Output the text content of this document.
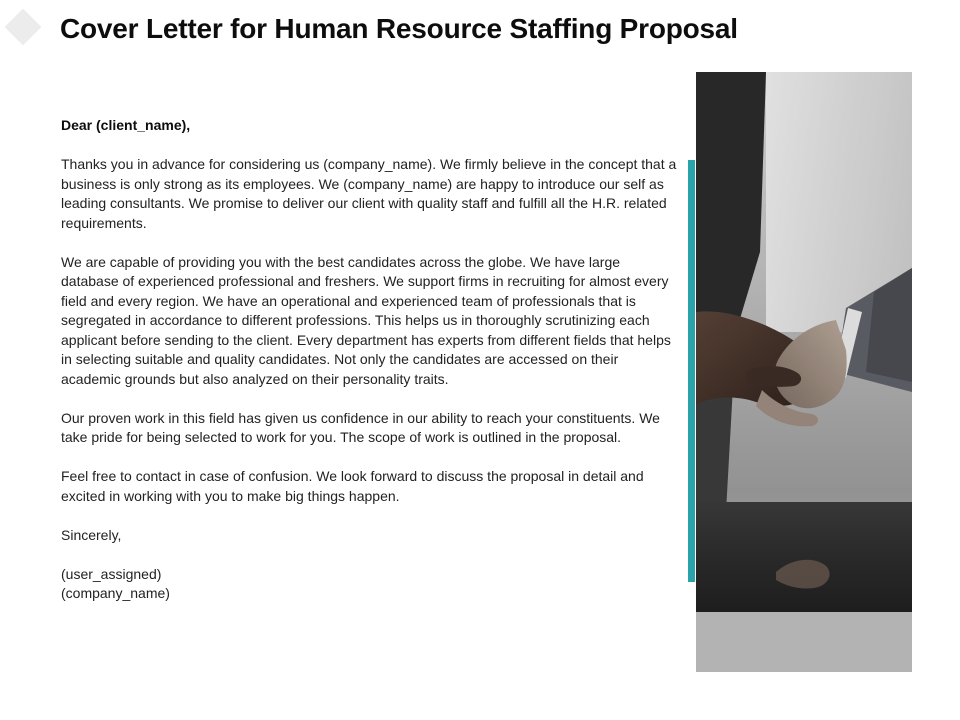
Cover Letter for Human Resource Staffing Proposal

Dear (client_name),

Thanks you in advance for considering us (company_name). We firmly believe in the concept that a business is only strong as its employees. We (company_name) are happy to introduce our self as leading consultants. We promise to deliver our client with quality staff and fulfill all the H.R. related requirements.

We are capable of providing you with the best candidates across the globe. We have large database of experienced professional and freshers. We support firms in recruiting for almost every field and every region. We have an operational and experienced team of professionals that is segregated in accordance to different professions. This helps us in thoroughly scrutinizing each applicant before sending to the client. Every department has experts from different fields that helps in selecting suitable and quality candidates. Not only the candidates are accessed on their academic grounds but also analyzed on their personality traits.

Our proven work in this field has given us confidence in our ability to reach your constituents. We take pride for being selected to work for you. The scope of work is outlined in the proposal.

Feel free to contact in case of confusion. We look forward to discuss the proposal in detail and excited in working with you to make big things happen.

Sincerely,

(user_assigned)
(company_name)
